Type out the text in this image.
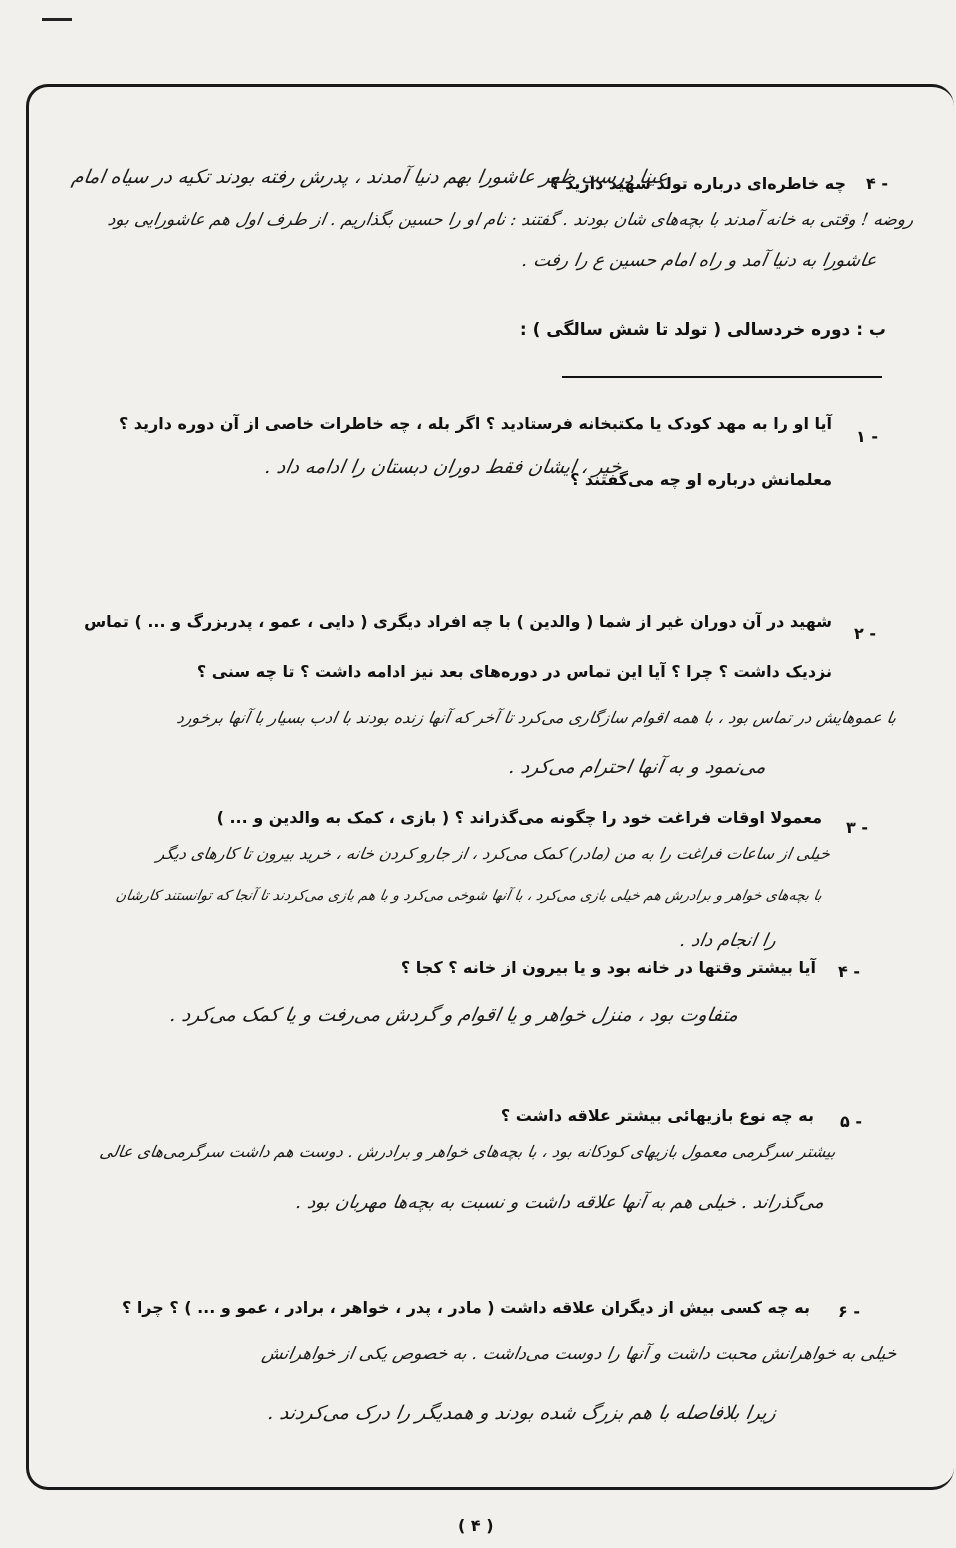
۴ -
چه خاطره‌ای درباره تولد شهید دارید ؟
عینا درست ظهر عاشورا بهم دنیا آمدند ، پدرش رفته بودند تکیه در سیاه امام
روضه ! وقتی به خانه آمدند با بچه‌های شان بودند . گفتند : نام او را حسین بگذاریم . از طرف اول هم عاشورایی بود
عاشورا به دنیا آمد و راه امام حسین ع را رفت .
ب : دوره خردسالی ( تولد تا شش سالگی ) :
۱ -
آیا او را به مهد کودک یا مکتبخانه فرستادید ؟ اگر بله ، چه خاطرات خاصی از آن دوره دارید ؟
معلمانش درباره او چه می‌گفتند ؟
خیر ، ایشان فقط دوران دبستان را ادامه داد .
۲ -
شهید در آن دوران غیر از شما ( والدین ) با چه افراد دیگری ( دایی ، عمو ، پدربزرگ و ... ) تماس
نزدیک داشت ؟ چرا ؟ آیا این تماس در دوره‌های بعد نیز ادامه داشت ؟ تا چه سنی ؟
با عموهایش در تماس بود ، با همه اقوام سازگاری می‌کرد تا آخر که آنها زنده بودند با ادب بسیار با آنها برخورد
می‌نمود و به آنها احترام می‌کرد .
۳ -
معمولا اوقات فراغت خود را چگونه می‌گذراند ؟ ( بازی ، کمک به والدین و ... )
خیلی از ساعات فراغت را به من (مادر) کمک می‌کرد ، از جارو کردن خانه ، خرید بیرون تا کارهای دیگر
با بچه‌های خواهر و برادرش هم خیلی بازی می‌کرد ، با آنها شوخی می‌کرد و با هم بازی می‌کردند تا آنجا که توانستند کارشان
را انجام داد .
۴ -
آیا بیشتر وقتها در خانه بود و یا بیرون از خانه ؟ کجا ؟
متفاوت بود ، منزل خواهر و یا اقوام و گردش می‌رفت و یا کمک می‌کرد .
۵ -
به چه نوع بازیهائی بیشتر علاقه داشت ؟
بیشتر سرگرمی معمول بازیهای کودکانه بود ، با بچه‌های خواهر و برادرش . دوست هم داشت سرگرمی‌های عالی
می‌گذراند . خیلی هم به آنها علاقه داشت و نسبت به بچه‌ها مهربان بود .
۶ -
به چه کسی بیش از دیگران علاقه داشت ( مادر ، پدر ، خواهر ، برادر ، عمو و ... ) ؟ چرا ؟
خیلی به خواهرانش محبت داشت و آنها را دوست می‌داشت . به خصوص یکی از خواهرانش
زیرا بلافاصله با هم بزرگ شده بودند و همدیگر را درک می‌کردند .
( ۴ )
